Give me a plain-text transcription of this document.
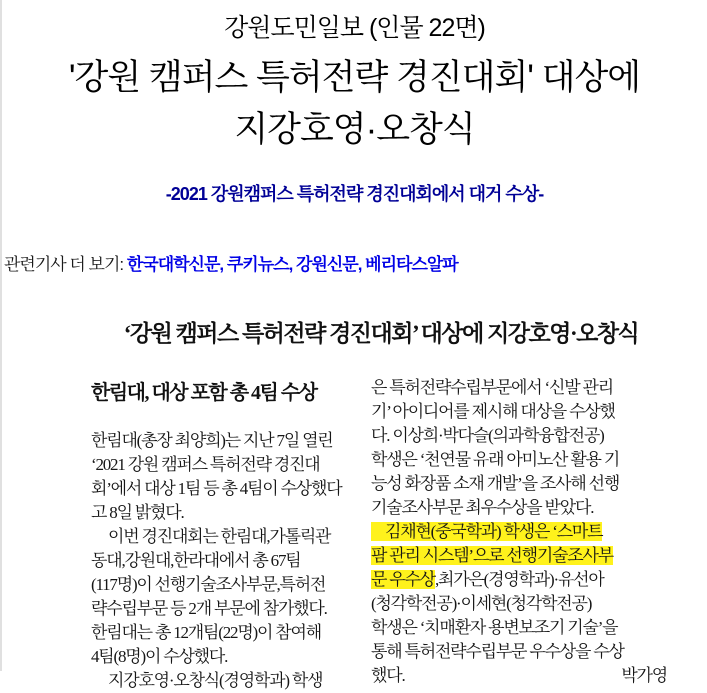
강원도민일보 (인물 22면)
'강원 캠퍼스 특허전략 경진대회' 대상에
지강호영·오창식
-2021 강원캠퍼스 특허전략 경진대회에서 대거 수상-
관련기사 더 보기: 한국대학신문, 쿠키뉴스, 강원신문, 베리타스알파
‘강원 캠퍼스 특허전략 경진대회’ 대상에 지강호영·오창식
한림대, 대상 포함 총 4팀 수상
한림대(총장 최양희)는 지난 7일 열린
‘2021 강원 캠퍼스 특허전략 경진대
회’에서 대상 1팀 등 총 4팀이 수상했다
고 8일 밝혔다.
이번 경진대회는 한림대,가톨릭관
동대,강원대,한라대에서 총 67팀
(117명)이 선행기술조사부문,특허전
략수립부문 등 2개 부문에 참가했다.
한림대는 총 12개팀(22명)이 참여해
4팀(8명)이 수상했다.
지강호영·오창식(경영학과) 학생
은 특허전략수립부문에서 ‘신발 관리
기’ 아이디어를 제시해 대상을 수상했
다. 이상희·박다슬(의과학융합전공)
학생은 ‘천연물 유래 아미노산 활용 기
능성 화장품 소재 개발’을 조사해 선행
기술조사부문 최우수상을 받았다.
김채현(중국학과) 학생은 ‘스마트
팜 관리 시스템’으로 선행기술조사부
문 우수상,최가은(경영학과)·유선아
(청각학전공)·이세현(청각학전공)
학생은 ‘치매환자 용변보조기 기술’을
통해 특허전략수립부문 우수상을 수상
했다.	박가영
